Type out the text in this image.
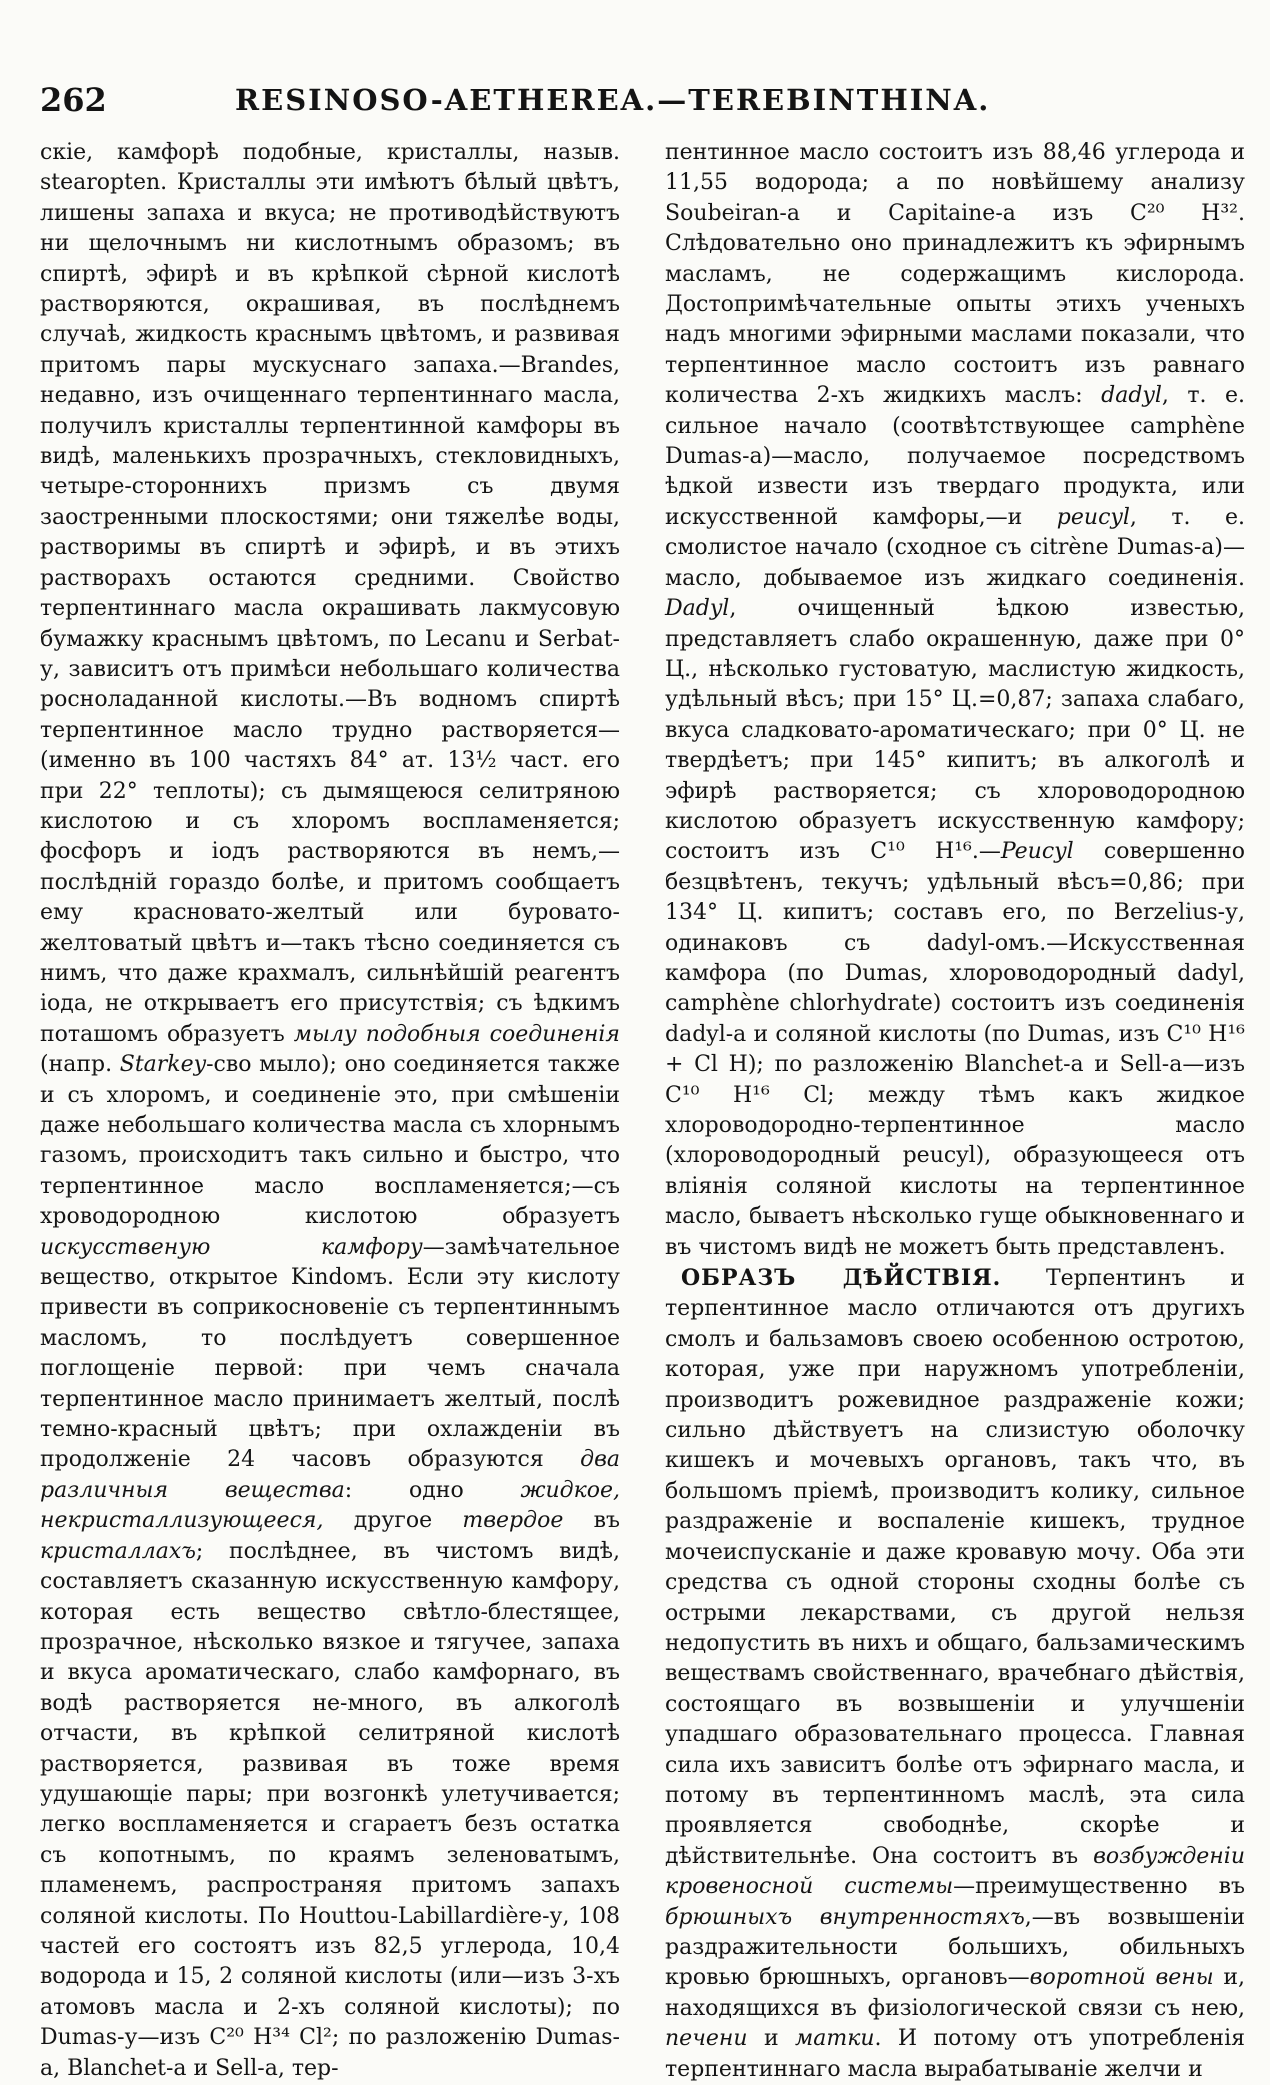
262	RESINOSO-AETHEREA.—TEREBINTHINA.

скіе, камфорѣ подобные, кристаллы, назыв. stearopten. Кристаллы эти имѣютъ бѣлый цвѣтъ, лишены запаха и вкуса; не противодѣйствуютъ ни щелочнымъ ни кислотнымъ образомъ; въ спиртѣ, эфирѣ и въ крѣпкой сѣрной кислотѣ растворяются, окрашивая, въ послѣднемъ случаѣ, жидкость краснымъ цвѣтомъ, и развивая притомъ пары мускуснаго запаха.—Brandes, недавно, изъ очищеннаго терпентиннаго масла, получилъ кристаллы терпентинной камфоры въ видѣ, маленькихъ прозрачныхъ, стекловидныхъ, четыре-стороннихъ призмъ съ двумя заостренными плоскостями; они тяжелѣе воды, растворимы въ спиртѣ и эфирѣ, и въ этихъ растворахъ остаются средними. Свойство терпентиннаго масла окрашивать лакмусовую бумажку краснымъ цвѣтомъ, по Lecanu и Serbat-у, зависитъ отъ примѣси небольшаго количества росноладанной кислоты.—Въ водномъ спиртѣ терпентинное масло трудно растворяется—(именно въ 100 частяхъ 84° ат. 13½ част. его при 22° теплоты); съ дымящеюся селитряною кислотою и съ хлоромъ воспламеняется; фосфоръ и іодъ растворяются въ немъ,—послѣдній гораздо болѣе, и притомъ сообщаетъ ему красновато-желтый или буровато-желтоватый цвѣтъ и—такъ тѣсно соединяется съ нимъ, что даже крахмалъ, сильнѣйшій реагентъ іода, не открываетъ его присутствія; съ ѣдкимъ поташомъ образуетъ мылу подобныя соединенія (напр. Starkey-сво мыло); оно соединяется также и съ хлоромъ, и соединеніе это, при смѣшеніи даже небольшаго количества масла съ хлорнымъ газомъ, происходитъ такъ сильно и быстро, что терпентинное масло воспламеняется;—съ хроводородною кислотою образуетъ искусственую камфору—замѣчательное вещество, открытое Kindомъ. Если эту кислоту привести въ соприкосновеніе съ терпентиннымъ масломъ, то послѣдуетъ совершенное поглощеніе первой: при чемъ сначала терпентинное масло принимаетъ желтый, послѣ темно-красный цвѣтъ; при охлажденіи въ продолженіе 24 часовъ образуются два различныя вещества: одно	жидкое, некристаллизующееся, другое твердое въ кристаллахъ; послѣднее, въ чистомъ видѣ, составляетъ сказанную искусственную камфору, которая есть вещество свѣтло-блестящее, прозрачное, нѣсколько вязкое и тягучее, запаха и вкуса ароматическаго, слабо камфорнаго, въ водѣ растворяется не-много, въ алкоголѣ отчасти, въ крѣпкой селитряной кислотѣ растворяется, развивая въ тоже время удушающіе пары; при возгонкѣ улетучивается; легко воспламеняется и сгараетъ безъ остатка съ копотнымъ, по краямъ зеленоватымъ, пламенемъ, распространяя притомъ запахъ соляной кислоты. По Houttou-Labillardière-у, 108 частей его состоятъ изъ 82,5 углерода, 10,4 водорода и 15, 2 соляной кислоты (или—изъ 3-хъ атомовъ масла и 2-хъ соляной кислоты); по Dumas-у—изъ C²⁰ H³⁴ Cl²; по разложенію Dumas-a, Blanchet-a и Sell-a, тер-

пентинное масло состоитъ изъ 88,46 углерода и 11,55 водорода; а по новѣйшему анализу Soubeiran-a и Capitaine-a изъ C²⁰ H³². Слѣдовательно оно принадлежитъ къ эфирнымъ масламъ, не содержащимъ кислорода. Достопримѣчательные опыты этихъ ученыхъ надъ многими эфирными маслами показали, что терпентинное масло состоитъ изъ равнаго количества 2-хъ жидкихъ маслъ: dadyl, т. е. сильное начало (соотвѣтствующее camphène Dumas-a)—масло, получаемое посредствомъ ѣдкой извести изъ твердаго продукта, или искусственной камфоры,—и peucyl, т. е. смолистое начало (сходное съ citrène Dumas-a)—масло, добываемое изъ жидкаго соединенія. Dadyl, очищенный ѣдкою известью, представляетъ слабо окрашенную, даже при 0° Ц., нѣсколько густоватую, маслистую жидкость, удѣльный вѣсъ; при 15° Ц.=0,87; запаха слабаго, вкуса сладковато-ароматическаго; при 0° Ц. не твердѣетъ; при 145° кипитъ; въ алкоголѣ и эфирѣ растворяется; съ хлороводородною кислотою образуетъ искусственную камфору; состоитъ изъ C¹⁰ H¹⁶.—Peucyl совершенно безцвѣтенъ, текучъ; удѣльный вѣсъ=0,86; при 134° Ц. кипитъ; составъ его, по Berzelius-у, одинаковъ съ dadyl-омъ.—Искусственная камфора (по Dumas, хлороводородный dadyl, camphène chlorhydrate) состоитъ изъ соединенія dadyl-a и соляной кислоты (по Dumas, изъ C¹⁰ H¹⁶ + Cl H); по разложенію Blanchet-a и Sell-a—изъ C¹⁰ H¹⁶ Cl; между тѣмъ какъ жидкое хлороводородно-терпентинное масло (хлороводородный peucyl), образующееся отъ вліянія соляной кислоты на терпентинное масло, бываетъ нѣсколько гуще обыкновеннаго и въ чистомъ видѣ не можетъ быть представленъ.

ОБРАЗЪ ДѢЙСТВІЯ. Терпентинъ и терпентинное масло отличаются отъ другихъ смолъ и бальзамовъ своею особенною остротою, которая, уже при наружномъ употребленіи, производитъ рожевидное раздраженіе кожи; сильно дѣйствуетъ на слизистую оболочку кишекъ и мочевыхъ органовъ, такъ что, въ большомъ пріемѣ, производитъ колику, сильное раздраженіе и воспаленіе кишекъ, трудное мочеиспусканіе и даже кровавую мочу. Оба эти средства съ одной стороны сходны болѣе съ острыми лекарствами, съ другой нельзя недопустить въ нихъ и общаго, бальзамическимъ веществамъ свойственнаго, врачебнаго дѣйствія, состоящаго въ возвышеніи и улучшеніи упадшаго образовательнаго процесса. Главная сила ихъ зависитъ болѣе отъ эфирнаго масла, и потому въ терпентинномъ маслѣ, эта сила проявляется свободнѣе, скорѣе и дѣйствительнѣе. Она состоитъ въ возбужденіи кровеносной системы—преимущественно въ брюшныхъ внутренностяхъ,—въ возвышеніи раздражительности большихъ, обильныхъ кровью брюшныхъ, органовъ—воротной вены и, находящихся въ физіологической связи съ нею, печени и матки. И потому отъ употребленія терпентиннаго масла вырабатываніе желчи и
